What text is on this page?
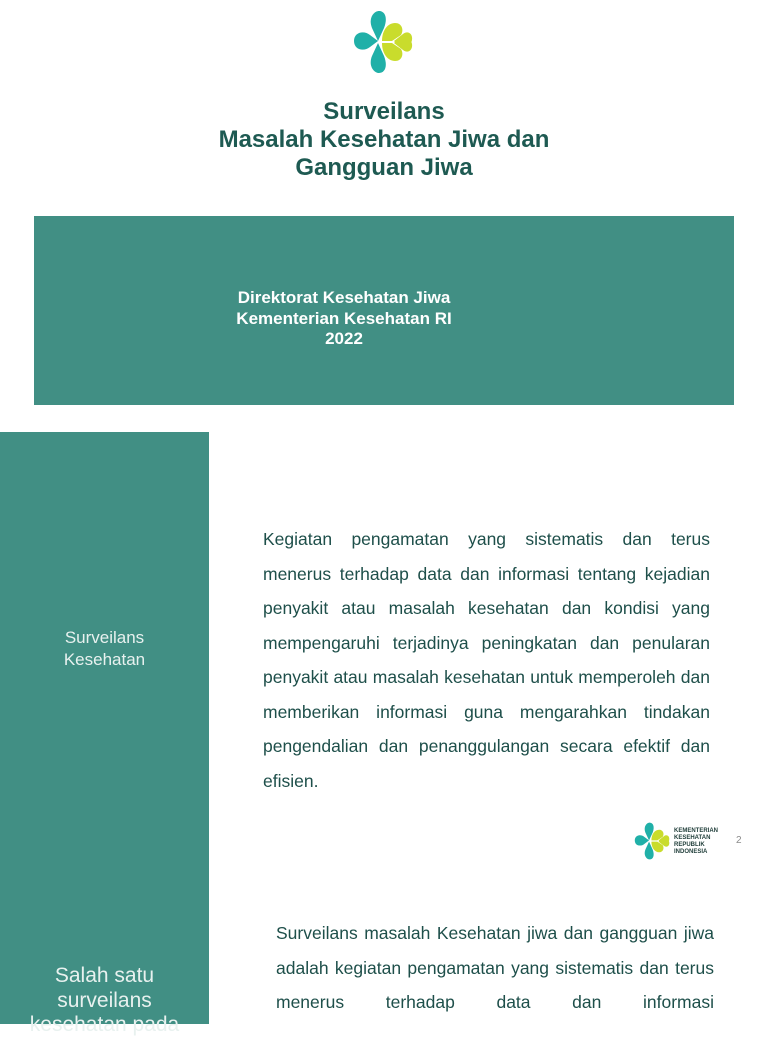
Surveilans
Masalah Kesehatan Jiwa dan
Gangguan Jiwa
Direktorat Kesehatan Jiwa
Kementerian Kesehatan RI
2022
Surveilans Kesehatan
Kegiatan pengamatan yang sistematis dan terus menerus terhadap data dan informasi tentang kejadian penyakit atau masalah kesehatan dan kondisi yang mempengaruhi terjadinya peningkatan dan penularan penyakit atau masalah kesehatan untuk memperoleh dan memberikan informasi guna mengarahkan tindakan pengendalian dan penanggulangan secara efektif dan efisien.
KEMENTERIAN
KESEHATAN
REPUBLIK
INDONESIA
2
Salah satu
surveilans
kesehatan pada
Surveilans masalah Kesehatan jiwa dan gangguan jiwa adalah kegiatan pengamatan yang sistematis dan terus menerus terhadap data dan informasi
